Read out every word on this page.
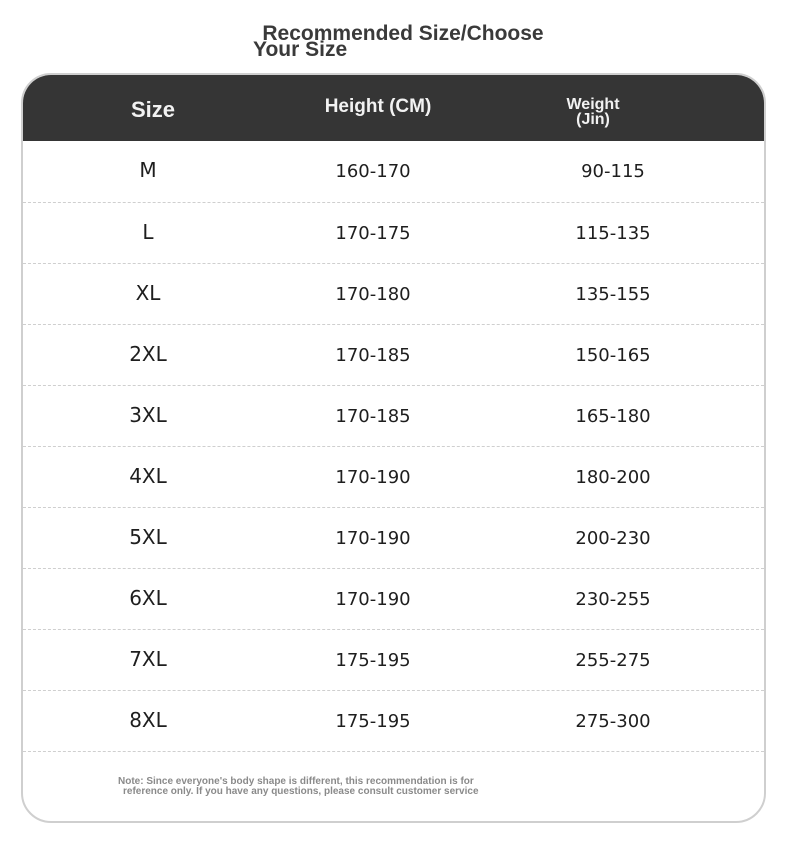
Recommended Size/Choose
Your Size
Size	Height (CM)	Weight
(Jin)
M	160-170	90-115
L	170-175	115-135
XL	170-180	135-155
2XL	170-185	150-165
3XL	170-185	165-180
4XL	170-190	180-200
5XL	170-190	200-230
6XL	170-190	230-255
7XL	175-195	255-275
8XL	175-195	275-300
Note: Since everyone's body shape is different, this recommendation is for
reference only. If you have any questions, please consult customer service
